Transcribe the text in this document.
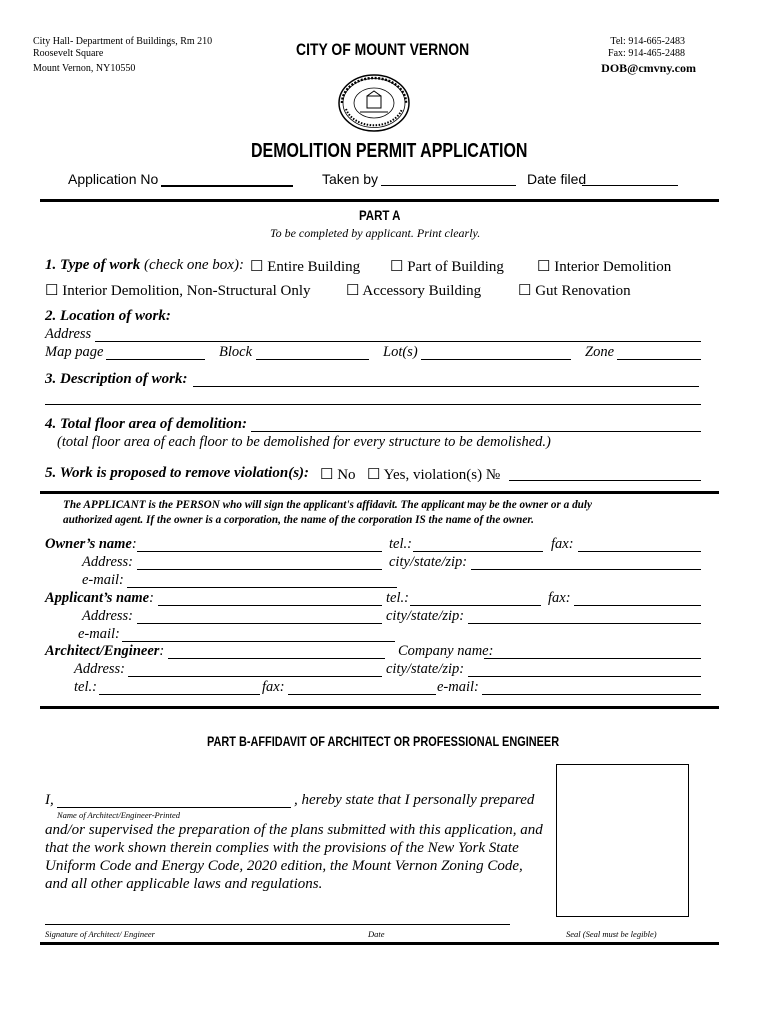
City Hall- Department of Buildings, Rm 210
Roosevelt Square
Mount Vernon, NY10550
CITY OF MOUNT VERNON	Tel: 914-665-2483
Fax: 914-465-2488
DOB@cmvny.com
DEMOLITION PERMIT APPLICATION
Application No	Taken by	Date filed
PART A
To be completed by applicant. Print clearly.
1. Type of work (check one box): ☐ Entire Building ☐ Part of Building ☐ Interior Demolition
☐ Interior Demolition, Non-Structural Only ☐ Accessory Building ☐ Gut Renovation
2. Location of work:
Address
Map page	Block	Lot(s)	Zone
3. Description of work:
4. Total floor area of demolition:
(total floor area of each floor to be demolished for every structure to be demolished.)
5. Work is proposed to remove violation(s): ☐ No ☐ Yes, violation(s) №
The APPLICANT is the PERSON who will sign the applicant's affidavit. The applicant may be the owner or a duly
authorized agent. If the owner is a corporation, the name of the corporation IS the name of the owner.
Owner’s name:	tel.:	fax:
Address:	city/state/zip:
e-mail:
Applicant’s name:	tel.:	fax:
Address:	city/state/zip:
e-mail:
Architect/Engineer:	Company name:
Address:	city/state/zip:
tel.:	fax:	e-mail:
PART B-AFFIDAVIT OF ARCHITECT OR PROFESSIONAL ENGINEER
I,	, hereby state that I personally prepared
Name of Architect/Engineer-Printed
and/or supervised the preparation of the plans submitted with this application, and
that the work shown therein complies with the provisions of the New York State
Uniform Code and Energy Code, 2020 edition, the Mount Vernon Zoning Code,
and all other applicable laws and regulations.
Signature of Architect/ Engineer	Date	Seal (Seal must be legible)
